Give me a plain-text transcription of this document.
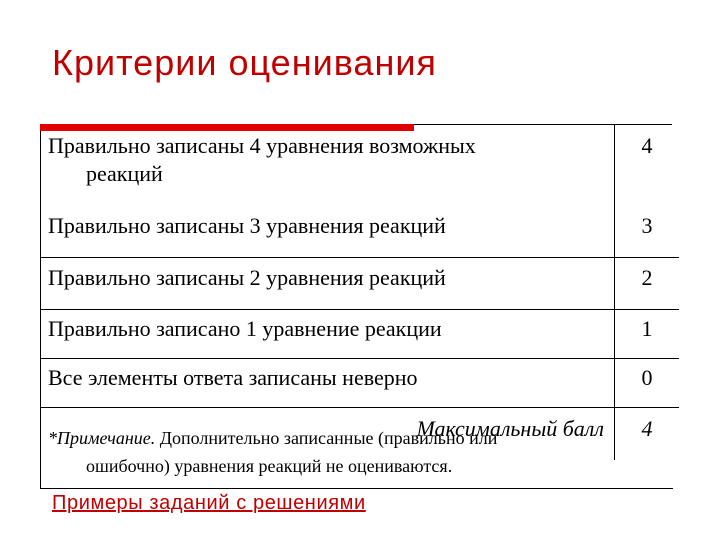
Критерии оценивания
Правильно записаны 4 уравнения возможных
реакций	4
Правильно записаны 3 уравнения реакций	3
Правильно записаны 2 уравнения реакций	2
Правильно записано 1 уравнение реакции	1
Все элементы ответа записаны неверно	0
Максимальный балл	4
*Примечание. Дополнительно записанные (правильно или
ошибочно) уравнения реакций не оцениваются.
Примеры заданий с решениями
